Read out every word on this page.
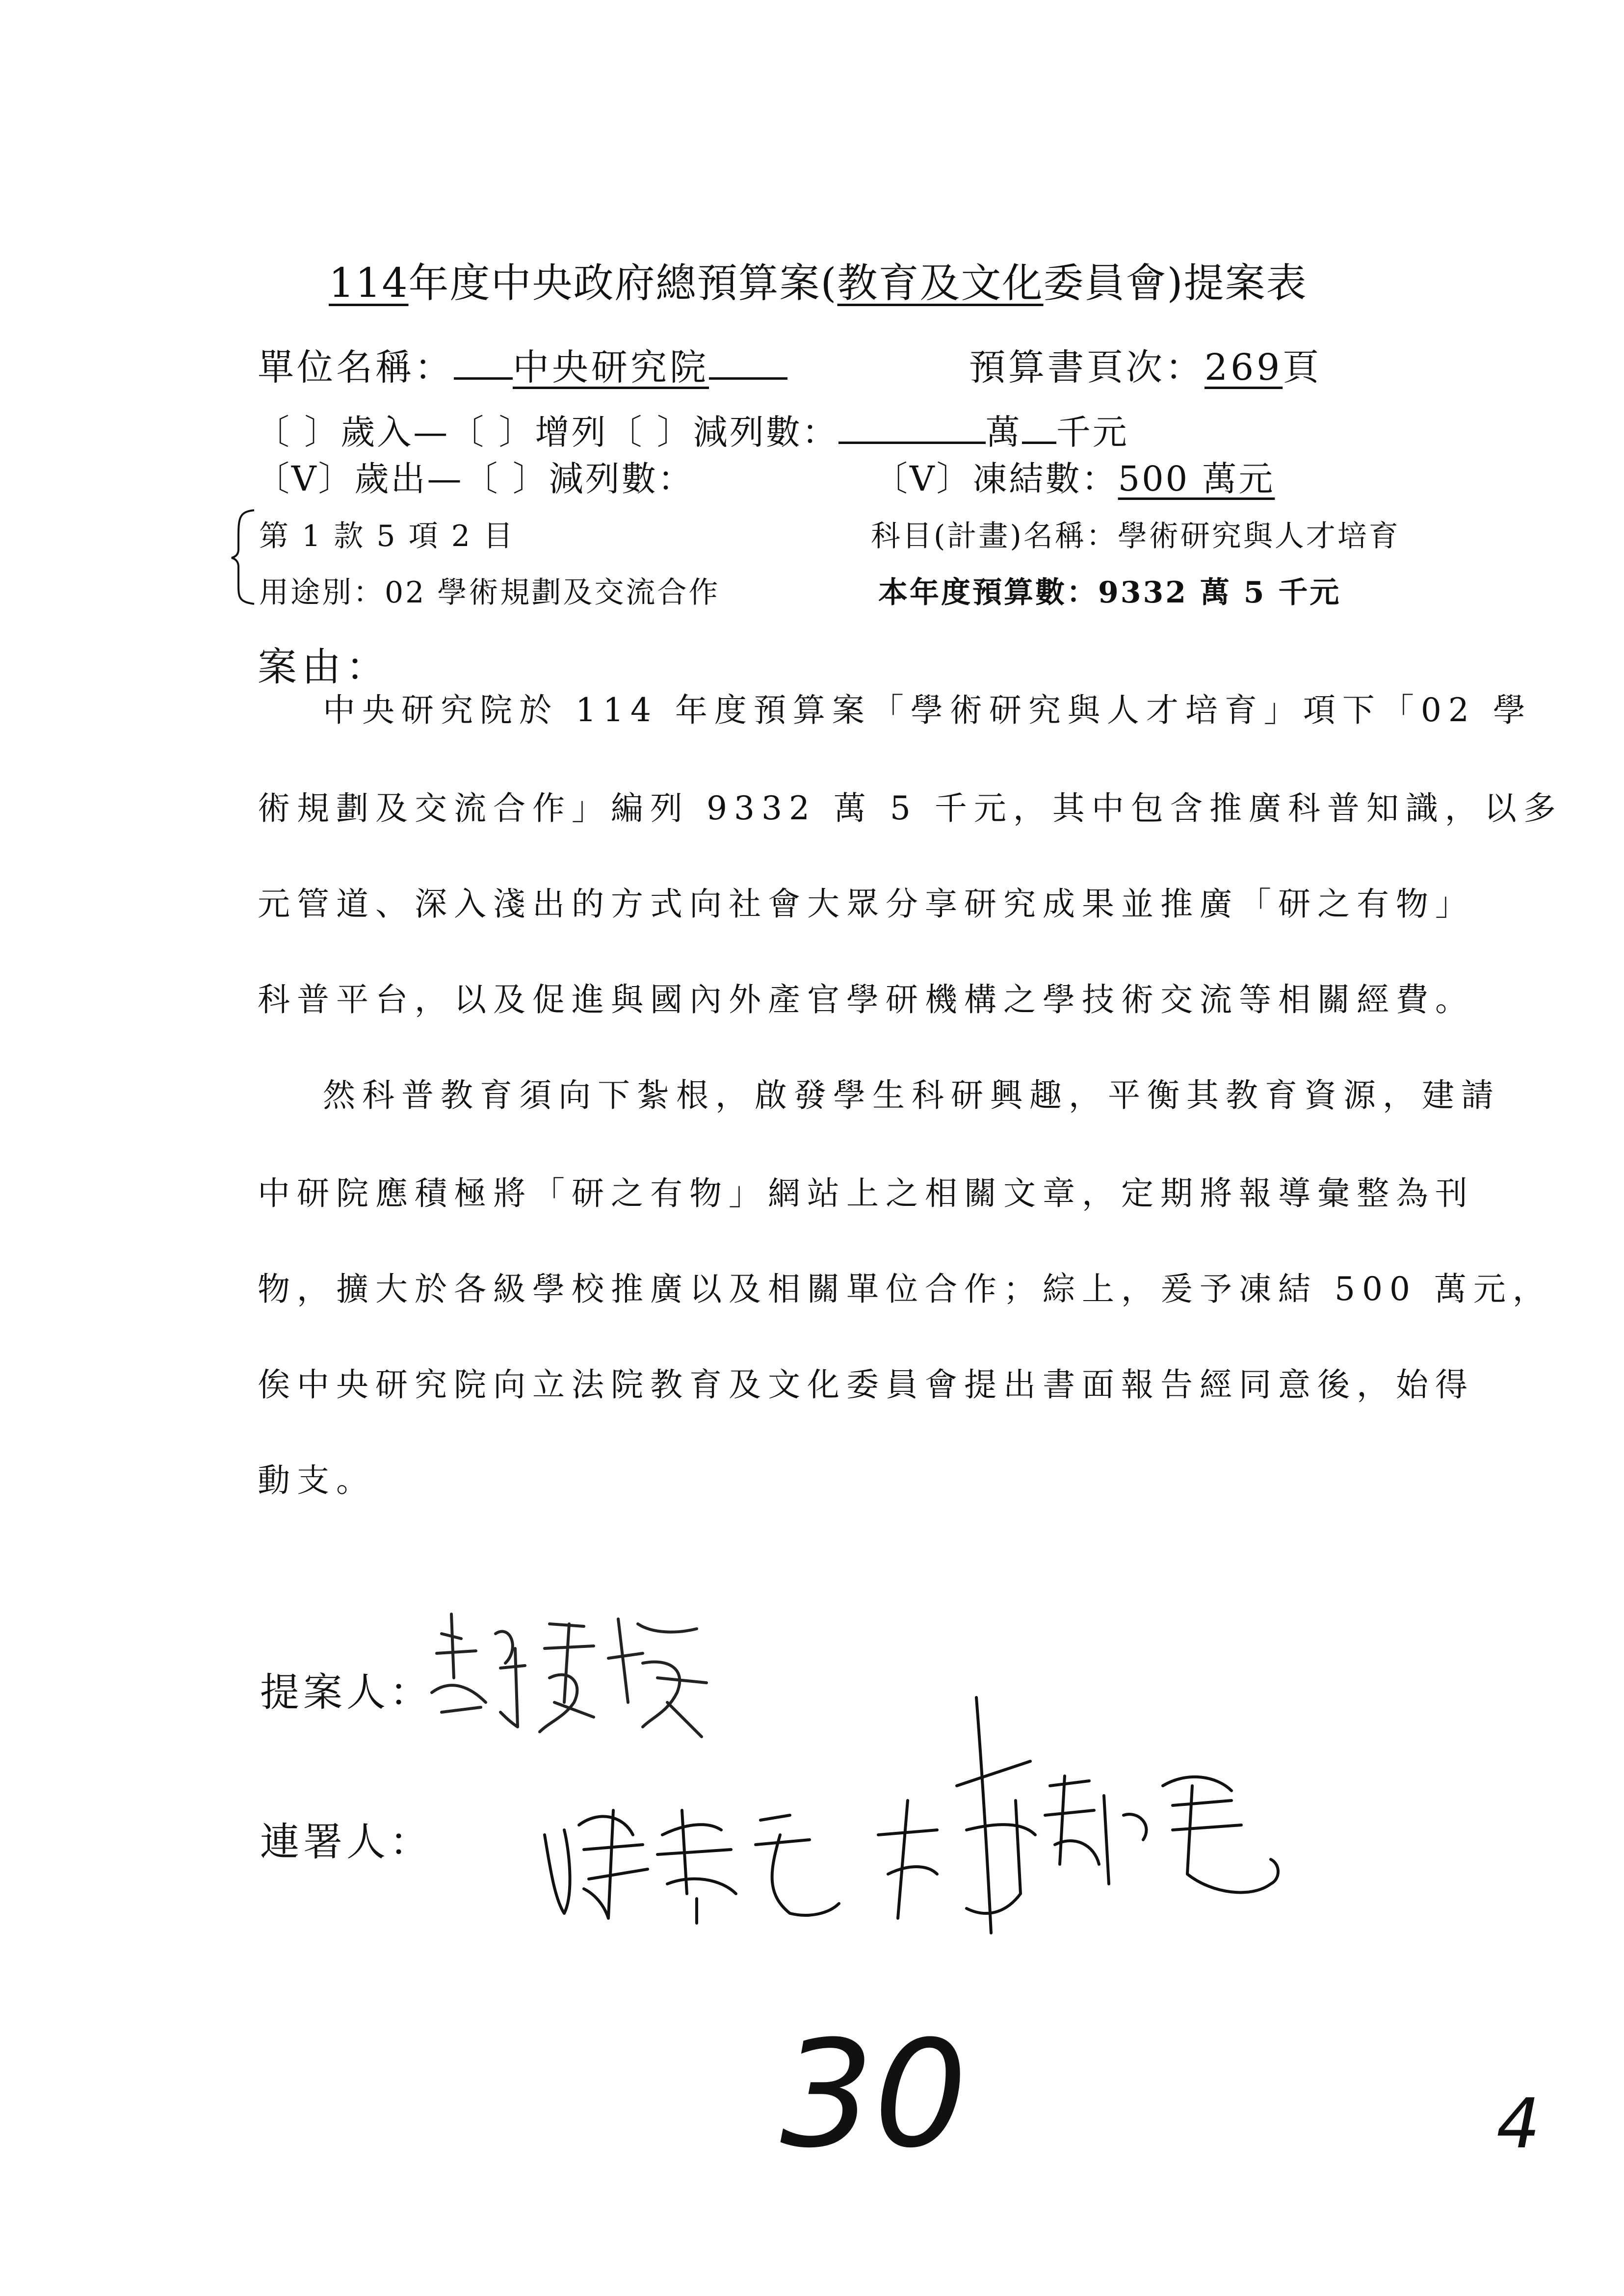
114年度中央政府總預算案(教育及文化委員會)提案表
單位名稱： 中央研究院	預算書頁次：269頁
〔 〕歲入—〔 〕增列〔 〕減列數：	萬 千元
〔V〕歲出—〔 〕減列數：	〔V〕凍結數：500 萬元
第 1 款 5 項 2 目	科目(計畫)名稱：學術研究與人才培育
用途別：02 學術規劃及交流合作	本年度預算數：9332 萬 5 千元
案由：
中央研究院於 114 年度預算案「學術研究與人才培育」項下「02 學
術規劃及交流合作」編列 9332 萬 5 千元，其中包含推廣科普知識，以多
元管道、深入淺出的方式向社會大眾分享研究成果並推廣「研之有物」
科普平台，以及促進與國內外產官學研機構之學技術交流等相關經費。
然科普教育須向下紮根，啟發學生科研興趣，平衡其教育資源，建請
中研院應積極將「研之有物」網站上之相關文章，定期將報導彙整為刊
物，擴大於各級學校推廣以及相關單位合作；綜上，爰予凍結 500 萬元，
俟中央研究院向立法院教育及文化委員會提出書面報告經同意後，始得
動支。
提案人：
連署人：
30	4
